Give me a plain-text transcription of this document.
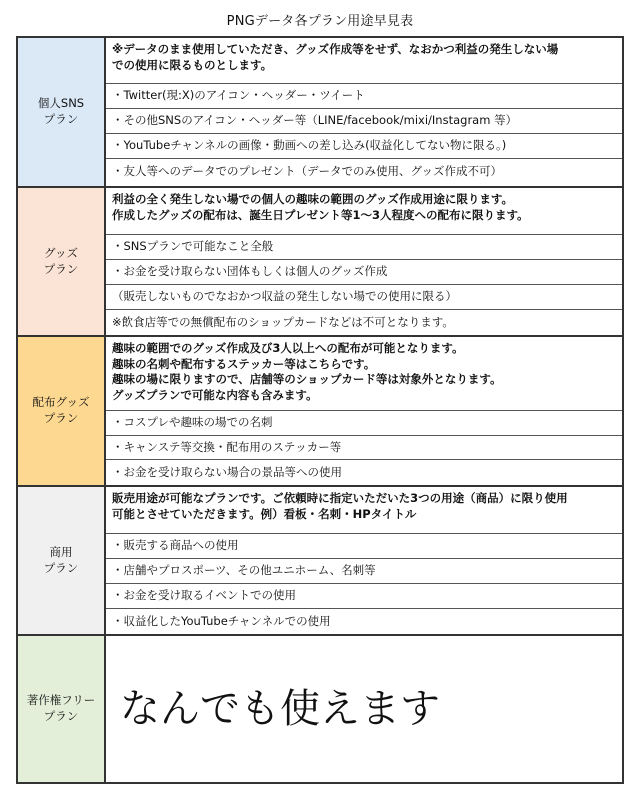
PNGデータ各プラン用途早見表
個人SNS
プラン
※データのまま使用していただき、グッズ作成等をせず、なおかつ利益の発生しない場
での使用に限るものとします。
・Twitter(現:X)のアイコン・ヘッダー・ツイート
・その他SNSのアイコン・ヘッダー等（LINE/facebook/mixi/Instagram 等）
・YouTubeチャンネルの画像・動画への差し込み(収益化してない物に限る。)
・友人等へのデータでのプレゼント（データでのみ使用、グッズ作成不可）
グッズ
プラン
利益の全く発生しない場での個人の趣味の範囲のグッズ作成用途に限ります。
作成したグッズの配布は、誕生日プレゼント等1〜3人程度への配布に限ります。
・SNSプランで可能なこと全般
・お金を受け取らない団体もしくは個人のグッズ作成
（販売しないものでなおかつ収益の発生しない場での使用に限る）
※飲食店等での無償配布のショップカードなどは不可となります。
配布グッズ
プラン
趣味の範囲でのグッズ作成及び3人以上への配布が可能となります。
趣味の名刺や配布するステッカー等はこちらです。
趣味の場に限りますので、店舗等のショップカード等は対象外となります。
グッズプランで可能な内容も含みます。
・コスプレや趣味の場での名刺
・キャンステ等交換・配布用のステッカー等
・お金を受け取らない場合の景品等への使用
商用
プラン
販売用途が可能なプランです。ご依頼時に指定いただいた3つの用途（商品）に限り使用
可能とさせていただきます。例）看板・名刺・HPタイトル
・販売する商品への使用
・店舗やプロスポーツ、その他ユニホーム、名刺等
・お金を受け取るイベントでの使用
・収益化したYouTubeチャンネルでの使用
著作権フリー
プラン	なんでも使えます
